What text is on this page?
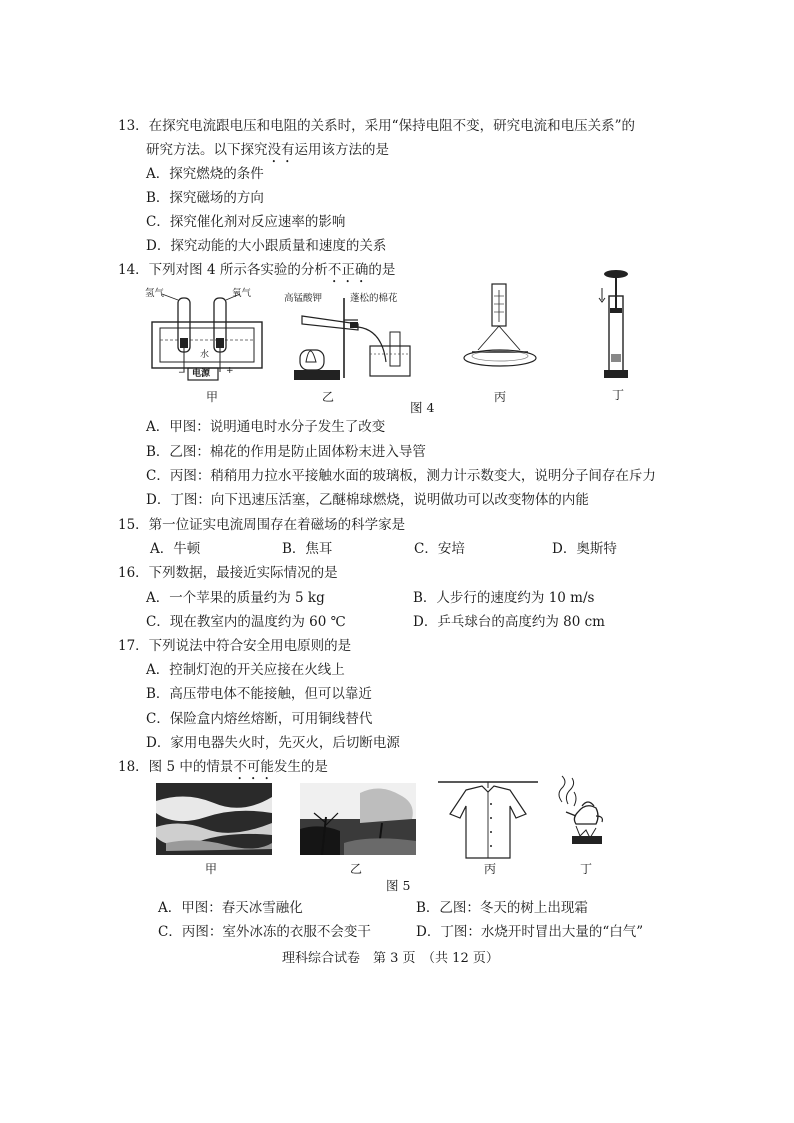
13．在探究电流跟电压和电阻的关系时，采用“保持电阻不变，研究电流和电压关系”的
研究方法。以下探究没有运用该方法的是
A．探究燃烧的条件
B．探究磁场的方向
C．探究催化剂对反应速率的影响
D．探究动能的大小跟质量和速度的关系
14．下列对图 4 所示各实验的分析不正确的是
氢气	氧气
水
电源
−	+
甲
高锰酸钾	蓬松的棉花
乙	丙	丁
图 4
A．甲图：说明通电时水分子发生了改变
B．乙图：棉花的作用是防止固体粉末进入导管
C．丙图：稍稍用力拉水平接触水面的玻璃板，测力计示数变大，说明分子间存在斥力
D．丁图：向下迅速压活塞，乙醚棉球燃烧，说明做功可以改变物体的内能
15．第一位证实电流周围存在着磁场的科学家是
A．牛顿	B．焦耳	C．安培	D．奥斯特
16．下列数据，最接近实际情况的是
A．一个苹果的质量约为 5 kg	B．人步行的速度约为 10 m/s
C．现在教室内的温度约为 60 ℃	D．乒乓球台的高度约为 80 cm
17．下列说法中符合安全用电原则的是
A．控制灯泡的开关应接在火线上
B．高压带电体不能接触，但可以靠近
C．保险盒内熔丝熔断，可用铜线替代
D．家用电器失火时，先灭火，后切断电源
18．图 5 中的情景不可能发生的是
甲	乙	丙	丁
图 5
A．甲图：春天冰雪融化	B．乙图：冬天的树上出现霜
C．丙图：室外冰冻的衣服不会变干	D．丁图：水烧开时冒出大量的“白气”
理科综合试卷　第 3 页　（共 12 页）
